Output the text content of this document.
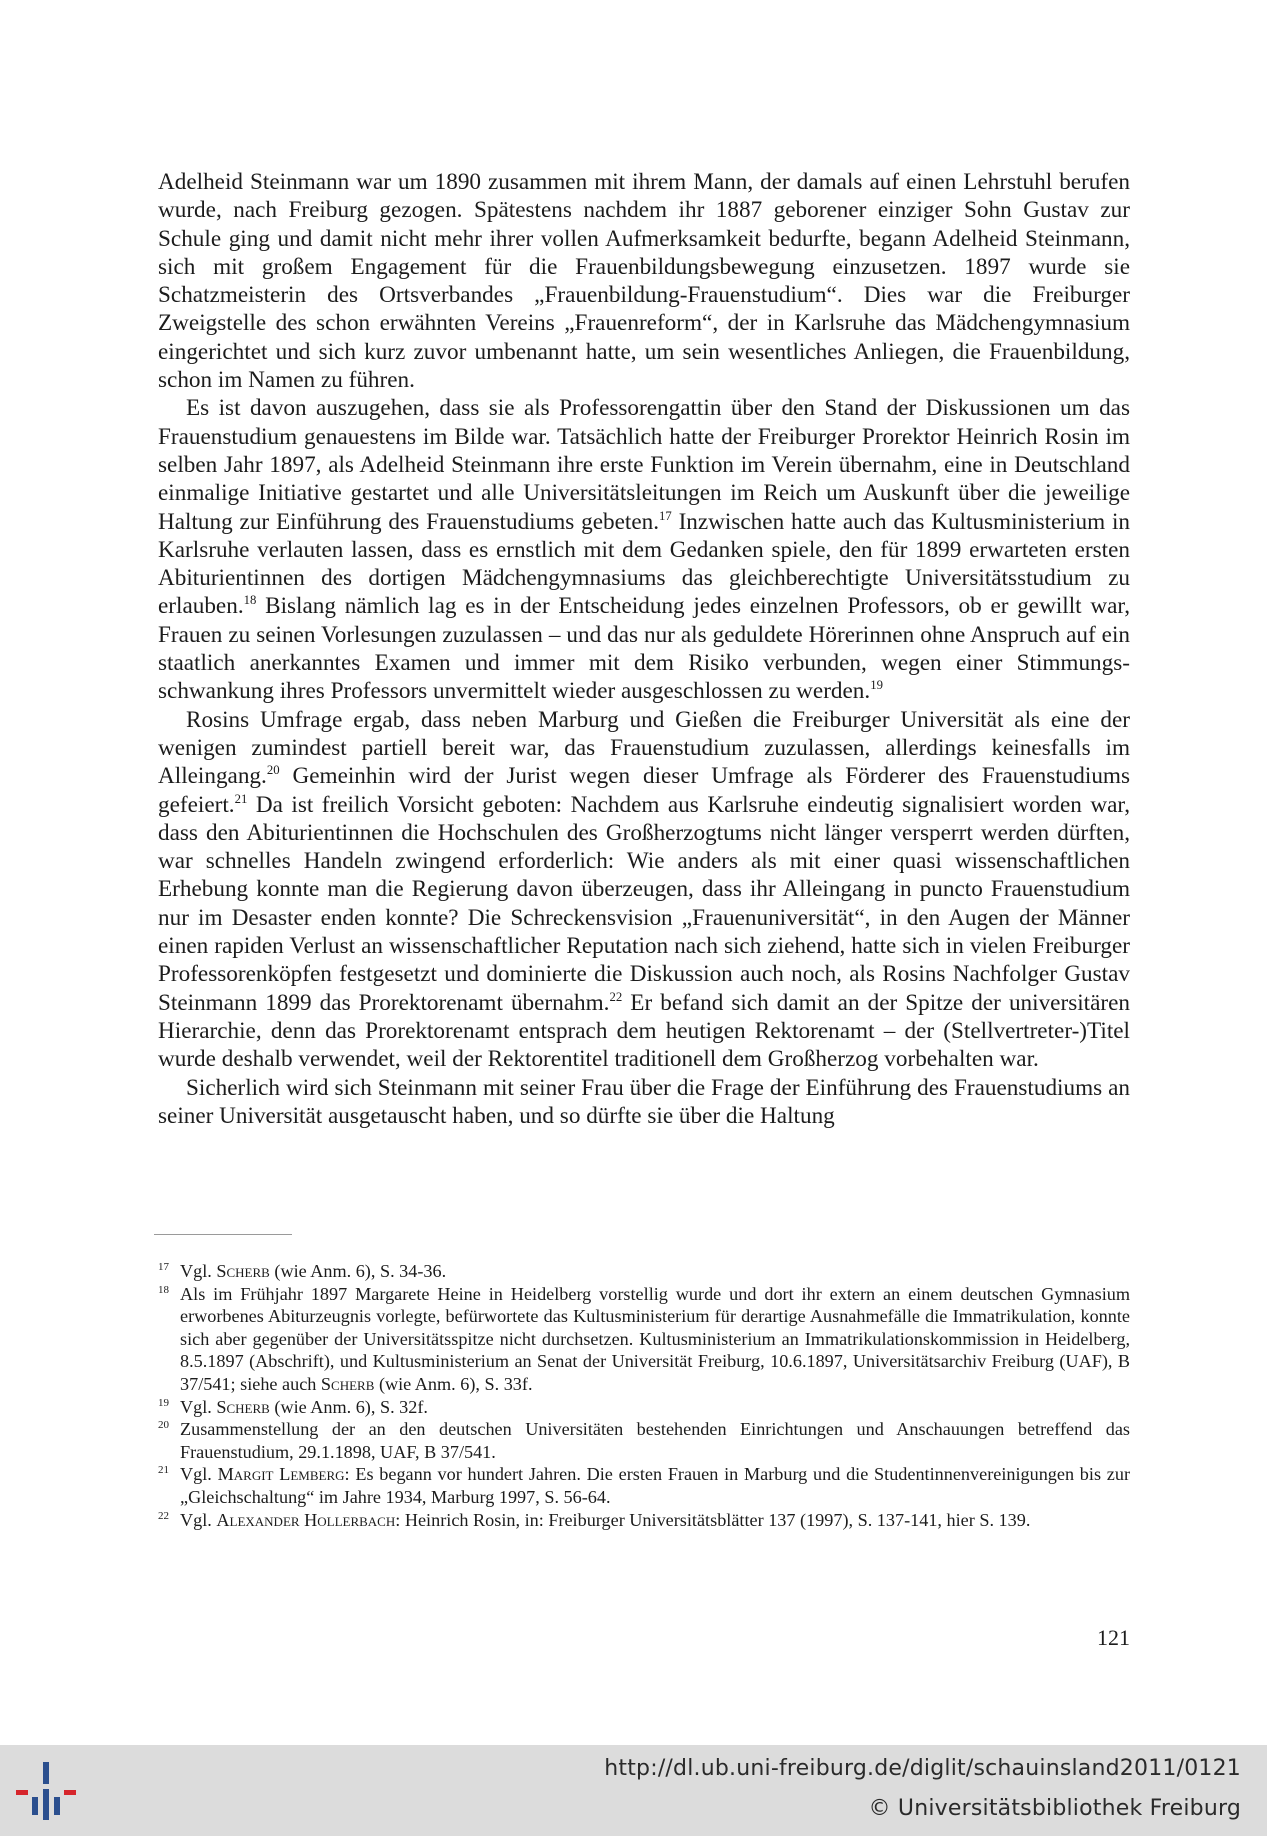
Adelheid Steinmann war um 1890 zusammen mit ihrem Mann, der damals auf einen Lehrstuhl berufen wurde, nach Freiburg gezogen. Spätestens nachdem ihr 1887 geborener einziger Sohn Gustav zur Schule ging und damit nicht mehr ihrer vollen Aufmerksamkeit bedurfte, begann Adelheid Steinmann, sich mit großem Engagement für die Frauenbildungsbewegung einzusetzen. 1897 wurde sie Schatzmeisterin des Ortsverbandes „Frauenbildung-Frauenstudium“. Dies war die Freiburger Zweigstelle des schon erwähnten Vereins „Frauenreform“, der in Karlsruhe das Mädchengymnasium eingerichtet und sich kurz zuvor umbenannt hatte, um sein wesentliches Anliegen, die Frauenbildung, schon im Namen zu führen.

Es ist davon auszugehen, dass sie als Professorengattin über den Stand der Diskussionen um das Frauenstudium genauestens im Bilde war. Tatsächlich hatte der Freiburger Prorektor Heinrich Rosin im selben Jahr 1897, als Adelheid Steinmann ihre erste Funktion im Verein übernahm, eine in Deutschland einmalige Initiative gestartet und alle Universitätsleitungen im Reich um Auskunft über die jeweilige Haltung zur Einführung des Frauenstudiums gebeten.$^{17}$ Inzwischen hatte auch das Kultusministerium in Karlsruhe verlauten lassen, dass es ernstlich mit dem Gedanken spiele, den für 1899 erwarteten ersten Abiturientinnen des dortigen Mädchengymnasiums das gleichberechtigte Universitätsstudium zu erlauben.$^{18}$ Bislang nämlich lag es in der Entscheidung jedes einzelnen Professors, ob er gewillt war, Frauen zu seinen Vorlesungen zuzulassen – und das nur als geduldete Hörerinnen ohne Anspruch auf ein staatlich anerkanntes Examen und immer mit dem Risiko verbunden, wegen einer Stimmungsschwankung ihres Professors unvermittelt wieder ausgeschlossen zu werden.$^{19}$

Rosins Umfrage ergab, dass neben Marburg und Gießen die Freiburger Universität als eine der wenigen zumindest partiell bereit war, das Frauenstudium zuzulassen, allerdings keinesfalls im Alleingang.$^{20}$ Gemeinhin wird der Jurist wegen dieser Umfrage als Förderer des Frauenstudiums gefeiert.$^{21}$ Da ist freilich Vorsicht geboten: Nachdem aus Karlsruhe eindeutig signalisiert worden war, dass den Abiturientinnen die Hochschulen des Großherzogtums nicht länger versperrt werden dürften, war schnelles Handeln zwingend erforderlich: Wie anders als mit einer quasi wissenschaftlichen Erhebung konnte man die Regierung davon überzeugen, dass ihr Alleingang in puncto Frauenstudium nur im Desaster enden konnte? Die Schreckensvision „Frauenuniversität“, in den Augen der Männer einen rapiden Verlust an wissenschaftlicher Reputation nach sich ziehend, hatte sich in vielen Freiburger Professorenköpfen festgesetzt und dominierte die Diskussion auch noch, als Rosins Nachfolger Gustav Steinmann 1899 das Prorektorenamt übernahm.$^{22}$ Er befand sich damit an der Spitze der universitären Hierarchie, denn das Prorektorenamt entsprach dem heutigen Rektorenamt – der (Stellvertreter-)Titel wurde deshalb verwendet, weil der Rektorentitel traditionell dem Großherzog vorbehalten war.

Sicherlich wird sich Steinmann mit seiner Frau über die Frage der Einführung des Frauenstudiums an seiner Universität ausgetauscht haben, und so dürfte sie über die Haltung

17 Vgl. Scherb (wie Anm. 6), S. 34-36.
18 Als im Frühjahr 1897 Margarete Heine in Heidelberg vorstellig wurde und dort ihr extern an einem deutschen Gymnasium erworbenes Abiturzeugnis vorlegte, befürwortete das Kultusministerium für derartige Ausnahmefälle die Immatrikulation, konnte sich aber gegenüber der Universitätsspitze nicht durchsetzen. Kultusministerium an Immatrikulationskommission in Heidelberg, 8.5.1897 (Abschrift), und Kultusministerium an Senat der Universität Freiburg, 10.6.1897, Universitätsarchiv Freiburg (UAF), B 37/541; siehe auch Scherb (wie Anm. 6), S. 33f.
19 Vgl. Scherb (wie Anm. 6), S. 32f.
20 Zusammenstellung der an den deutschen Universitäten bestehenden Einrichtungen und Anschauungen betreffend das Frauenstudium, 29.1.1898, UAF, B 37/541.
21 Vgl. Margit Lemberg: Es begann vor hundert Jahren. Die ersten Frauen in Marburg und die Studentinnenvereinigungen bis zur „Gleichschaltung“ im Jahre 1934, Marburg 1997, S. 56-64.
22 Vgl. Alexander Hollerbach: Heinrich Rosin, in: Freiburger Universitätsblätter 137 (1997), S. 137-141, hier S. 139.
121
http://dl.ub.uni-freiburg.de/diglit/schauinsland2011/0121
© Universitätsbibliothek Freiburg
